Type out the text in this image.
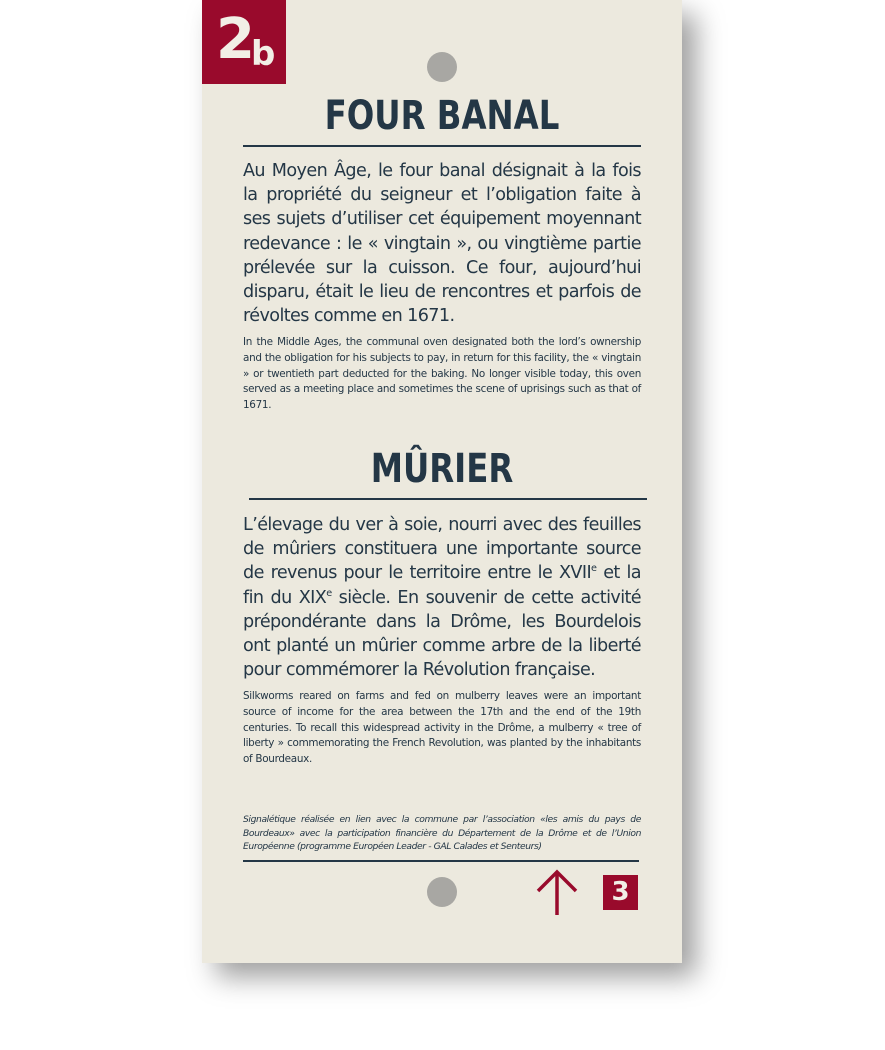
2
b
FOUR BANAL
Au Moyen Âge, le four banal désignait à la fois la propriété du seigneur et l’obligation faite à ses sujets d’utiliser cet équipement moyennant redevance : le « vingtain », ou vingtième partie prélevée sur la cuisson. Ce four, aujourd’hui disparu, était le lieu de rencontres et parfois de révoltes comme en 1671.
In the Middle Ages, the communal oven designated both the lord’s ownership and the obligation for his subjects to pay, in return for this facility, the « vingtain » or twentieth part deducted for the baking. No longer visible today, this oven served as a meeting place and sometimes the scene of uprisings such as that of 1671.
MÛRIER
L’élevage du ver à soie, nourri avec des feuilles de mûriers constituera une importante source de revenus pour le territoire entre le XVIIe et la fin du XIXe siècle. En souvenir de cette activité prépondérante dans la Drôme, les Bourdelois ont planté un mûrier comme arbre de la liberté pour commémorer la Révolution française.
Silkworms reared on farms and fed on mulberry leaves were an important source of income for the area between the 17th and the end of the 19th centuries. To recall this widespread activity in the Drôme, a mulberry « tree of liberty » commemorating the French Revolution, was planted by the inhabitants of Bourdeaux.
Signalétique réalisée en lien avec la commune par l’association «les amis du pays de Bourdeaux» avec la participation financière du Département de la Drôme et de l’Union Européenne (programme Européen Leader - GAL Calades et Senteurs)
3
